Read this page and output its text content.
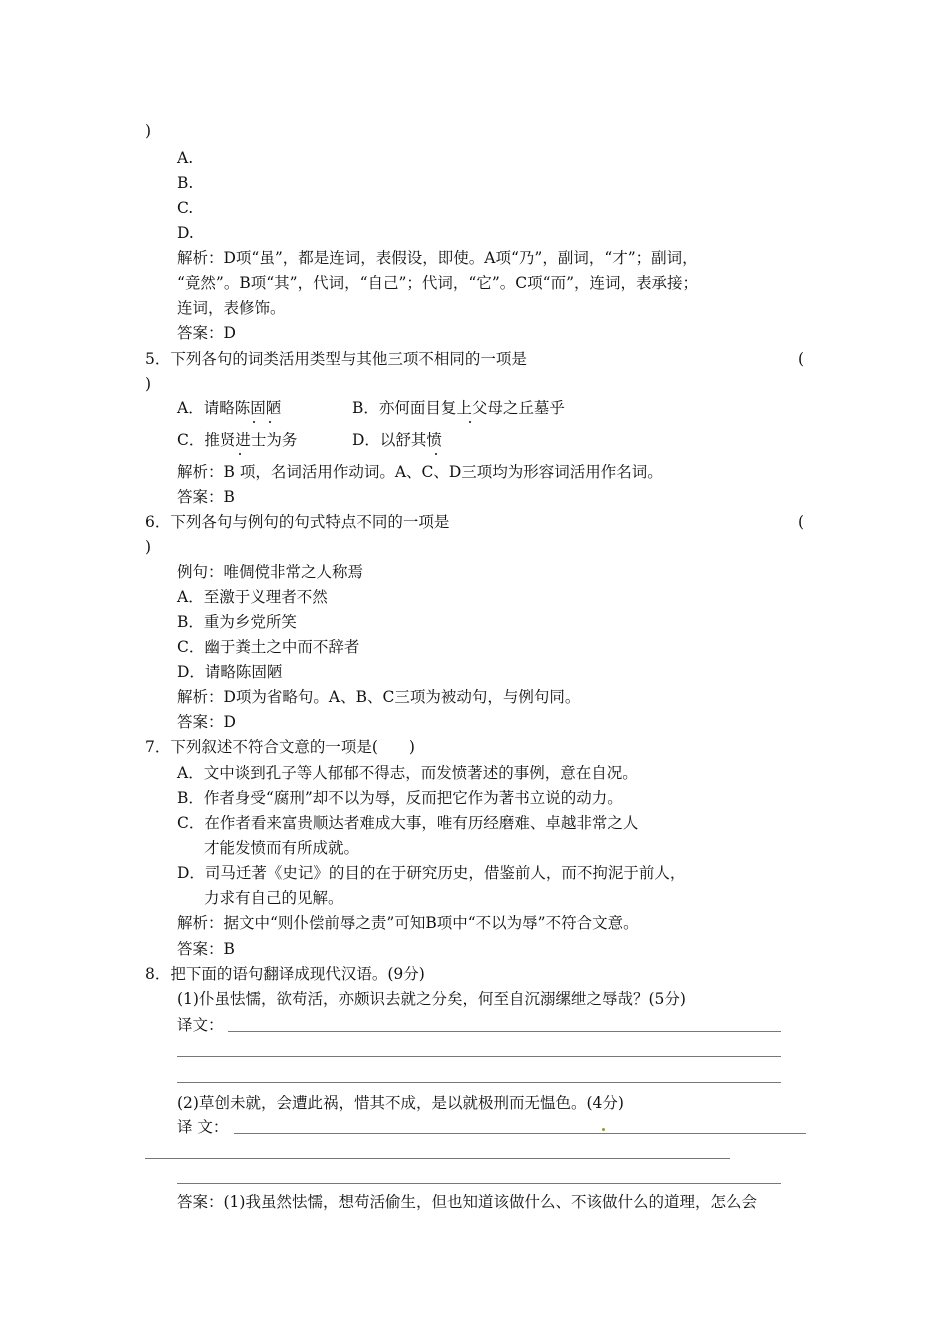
)
A.
B.
C.
D.
解析：D项“虽”，都是连词，表假设，即使。A项“乃”，副词，“才”；副词，
“竟然”。B项“其”，代词，“自己”；代词，“它”。C项“而”，连词，表承接；
连词，表修饰。
答案：D
5．下列各句的词类活用类型与其他三项不相同的一项是	(
)
A．请略陈固陋	B．亦何面目复上父母之丘墓乎
C．推贤进士为务	D．以舒其愤
解析：B 项，名词活用作动词。A、C、D三项均为形容词活用作名词。
答案：B
6．下列各句与例句的句式特点不同的一项是	(
)
例句：唯倜傥非常之人称焉
A．至激于义理者不然
B．重为乡党所笑
C．幽于粪土之中而不辞者
D．请略陈固陋
解析：D项为省略句。A、B、C三项为被动句，与例句同。
答案：D
7．下列叙述不符合文意的一项是(　　)
A．文中谈到孔子等人郁郁不得志，而发愤著述的事例，意在自况。
B．作者身受“腐刑”却不以为辱，反而把它作为著书立说的动力。
C．在作者看来富贵顺达者难成大事，唯有历经磨难、卓越非常之人
才能发愤而有所成就。
D．司马迁著《史记》的目的在于研究历史，借鉴前人，而不拘泥于前人，
力求有自己的见解。
解析：据文中“则仆偿前辱之责”可知B项中“不以为辱”不符合文意。
答案：B
8．把下面的语句翻译成现代汉语。(9分)
(1)仆虽怯懦，欲苟活，亦颇识去就之分矣，何至自沉溺缧绁之辱哉？(5分)
译文：
(2)草创未就，会遭此祸，惜其不成，是以就极刑而无愠色。(4分)
译 文：
答案：(1)我虽然怯懦，想苟活偷生，但也知道该做什么、不该做什么的道理，怎么会
